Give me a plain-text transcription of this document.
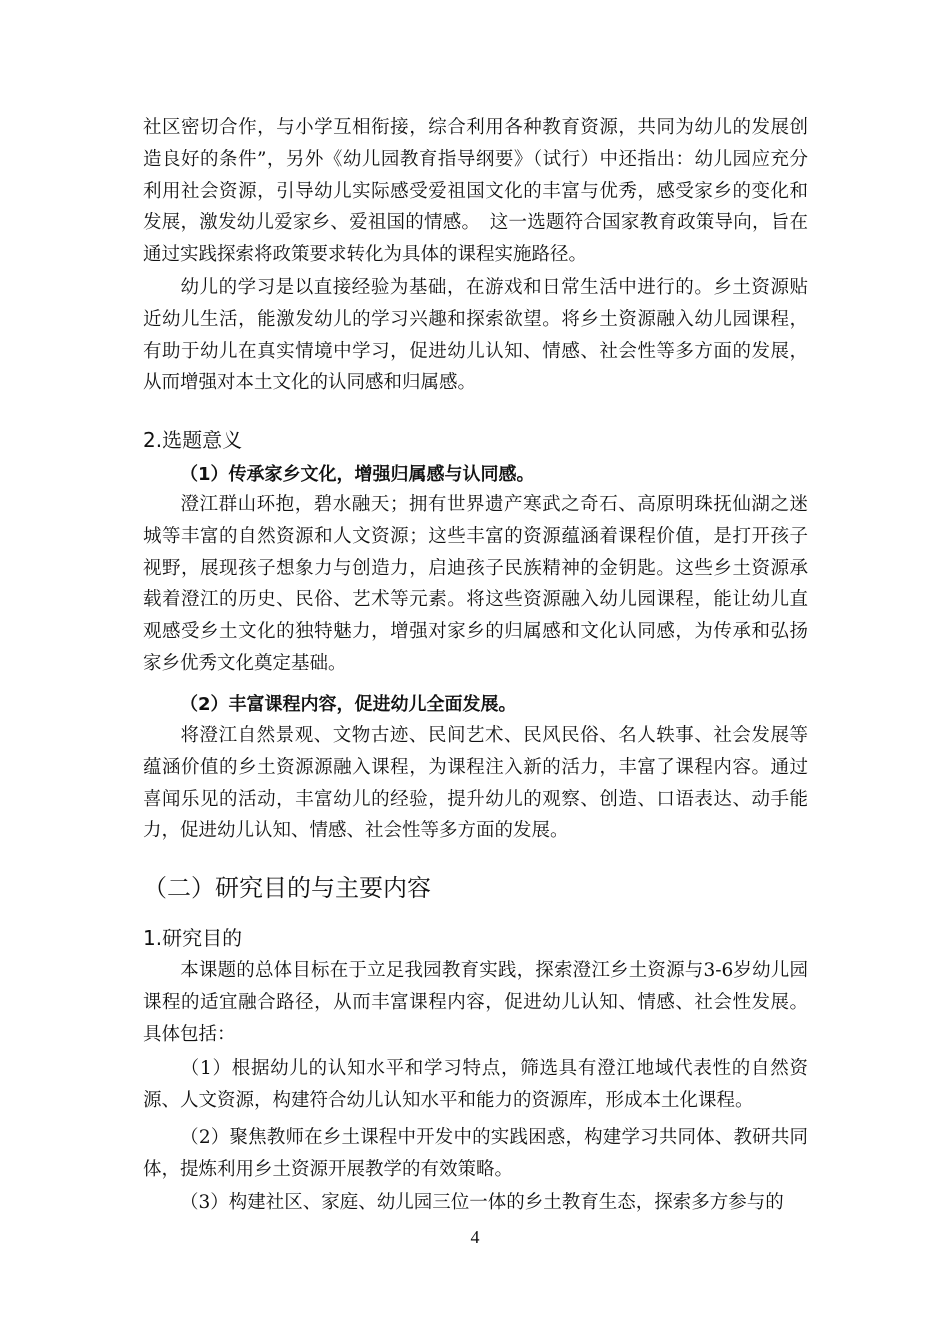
社区密切合作，与小学互相衔接，综合利用各种教育资源，共同为幼儿的发展创造良好的条件”，另外《幼儿园教育指导纲要》（试行）中还指出：幼儿园应充分利用社会资源，引导幼儿实际感受爱祖国文化的丰富与优秀，感受家乡的变化和发展，激发幼儿爱家乡、爱祖国的情感。　这一选题符合国家教育政策导向，旨在通过实践探索将政策要求转化为具体的课程实施路径。

幼儿的学习是以直接经验为基础，在游戏和日常生活中进行的。乡土资源贴近幼儿生活，能激发幼儿的学习兴趣和探索欲望。将乡土资源融入幼儿园课程，有助于幼儿在真实情境中学习，促进幼儿认知、情感、社会性等多方面的发展，从而增强对本土文化的认同感和归属感。

2.选题意义

（1）传承家乡文化，增强归属感与认同感。

澄江群山环抱，碧水融天；拥有世界遗产寒武之奇石、高原明珠抚仙湖之迷城等丰富的自然资源和人文资源；这些丰富的资源蕴涵着课程价值，是打开孩子视野，展现孩子想象力与创造力，启迪孩子民族精神的金钥匙。这些乡土资源承载着澄江的历史、民俗、艺术等元素。将这些资源融入幼儿园课程，能让幼儿直观感受乡土文化的独特魅力，增强对家乡的归属感和文化认同感，为传承和弘扬家乡优秀文化奠定基础。

（2）丰富课程内容，促进幼儿全面发展。

将澄江自然景观、文物古迹、民间艺术、民风民俗、名人轶事、社会发展等蕴涵价值的乡土资源源融入课程，为课程注入新的活力，丰富了课程内容。通过喜闻乐见的活动，丰富幼儿的经验，提升幼儿的观察、创造、口语表达、动手能力，促进幼儿认知、情感、社会性等多方面的发展。

（二）研究目的与主要内容
1.研究目的

本课题的总体目标在于立足我园教育实践，探索澄江乡土资源与3-6岁幼儿园课程的适宜融合路径，从而丰富课程内容，促进幼儿认知、情感、社会性发展。具体包括：

（1）根据幼儿的认知水平和学习特点，筛选具有澄江地域代表性的自然资源、人文资源，构建符合幼儿认知水平和能力的资源库，形成本土化课程。

（2）聚焦教师在乡土课程中开发中的实践困惑，构建学习共同体、教研共同体，提炼利用乡土资源开展教学的有效策略。

（3）构建社区、家庭、幼儿园三位一体的乡土教育生态，探索多方参与的

4
